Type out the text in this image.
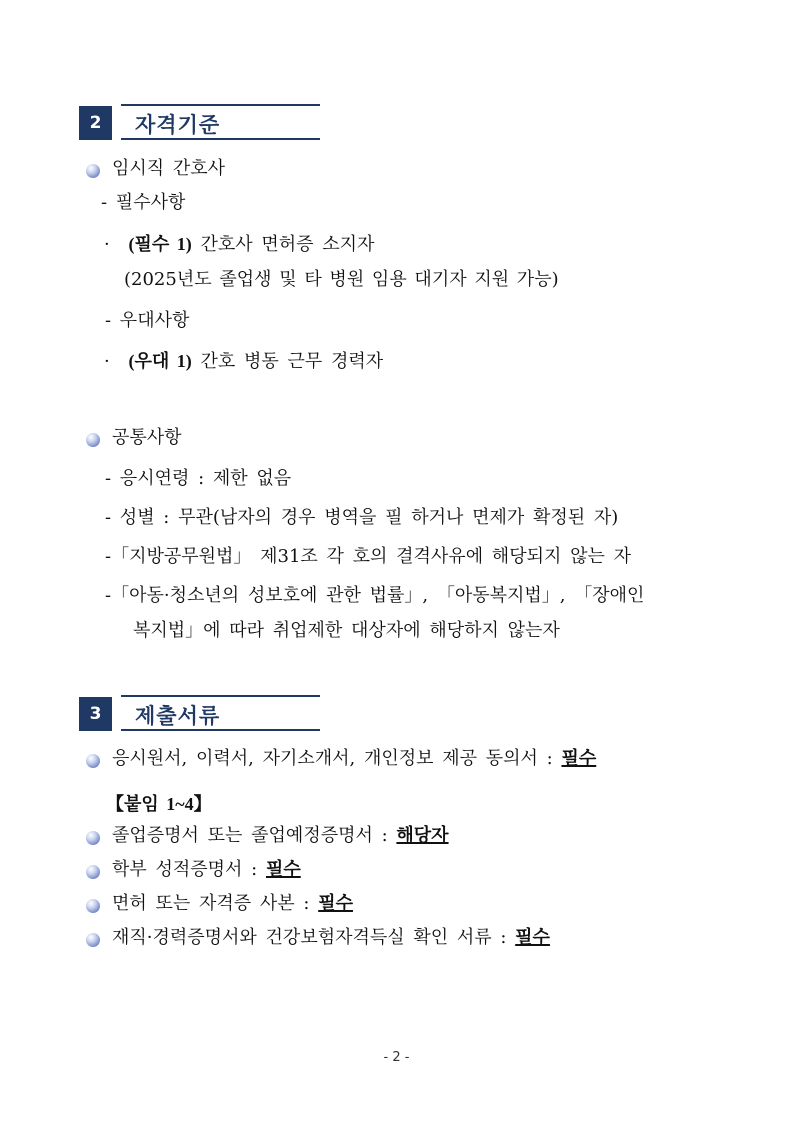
2	자격기준
임시직 간호사
- 필수사항
· (필수 1) 간호사 면허증 소지자
(2025년도 졸업생 및 타 병원 임용 대기자 지원 가능)
- 우대사항
· (우대 1) 간호 병동 근무 경력자
공통사항
- 응시연령 : 제한 없음
- 성별 : 무관(남자의 경우 병역을 필 하거나 면제가 확정된 자)
-「지방공무원법」 제31조 각 호의 결격사유에 해당되지 않는 자
-「아동·청소년의 성보호에 관한 법률」, 「아동복지법」, 「장애인
복지법」에 따라 취업제한 대상자에 해당하지 않는자
3	제출서류
응시원서, 이력서, 자기소개서, 개인정보 제공 동의서 : 필수
【붙임 1~4】
졸업증명서 또는 졸업예정증명서 : 해당자
학부 성적증명서 : 필수
면허 또는 자격증 사본 : 필수
재직·경력증명서와 건강보험자격득실 확인 서류 : 필수
- 2 -
